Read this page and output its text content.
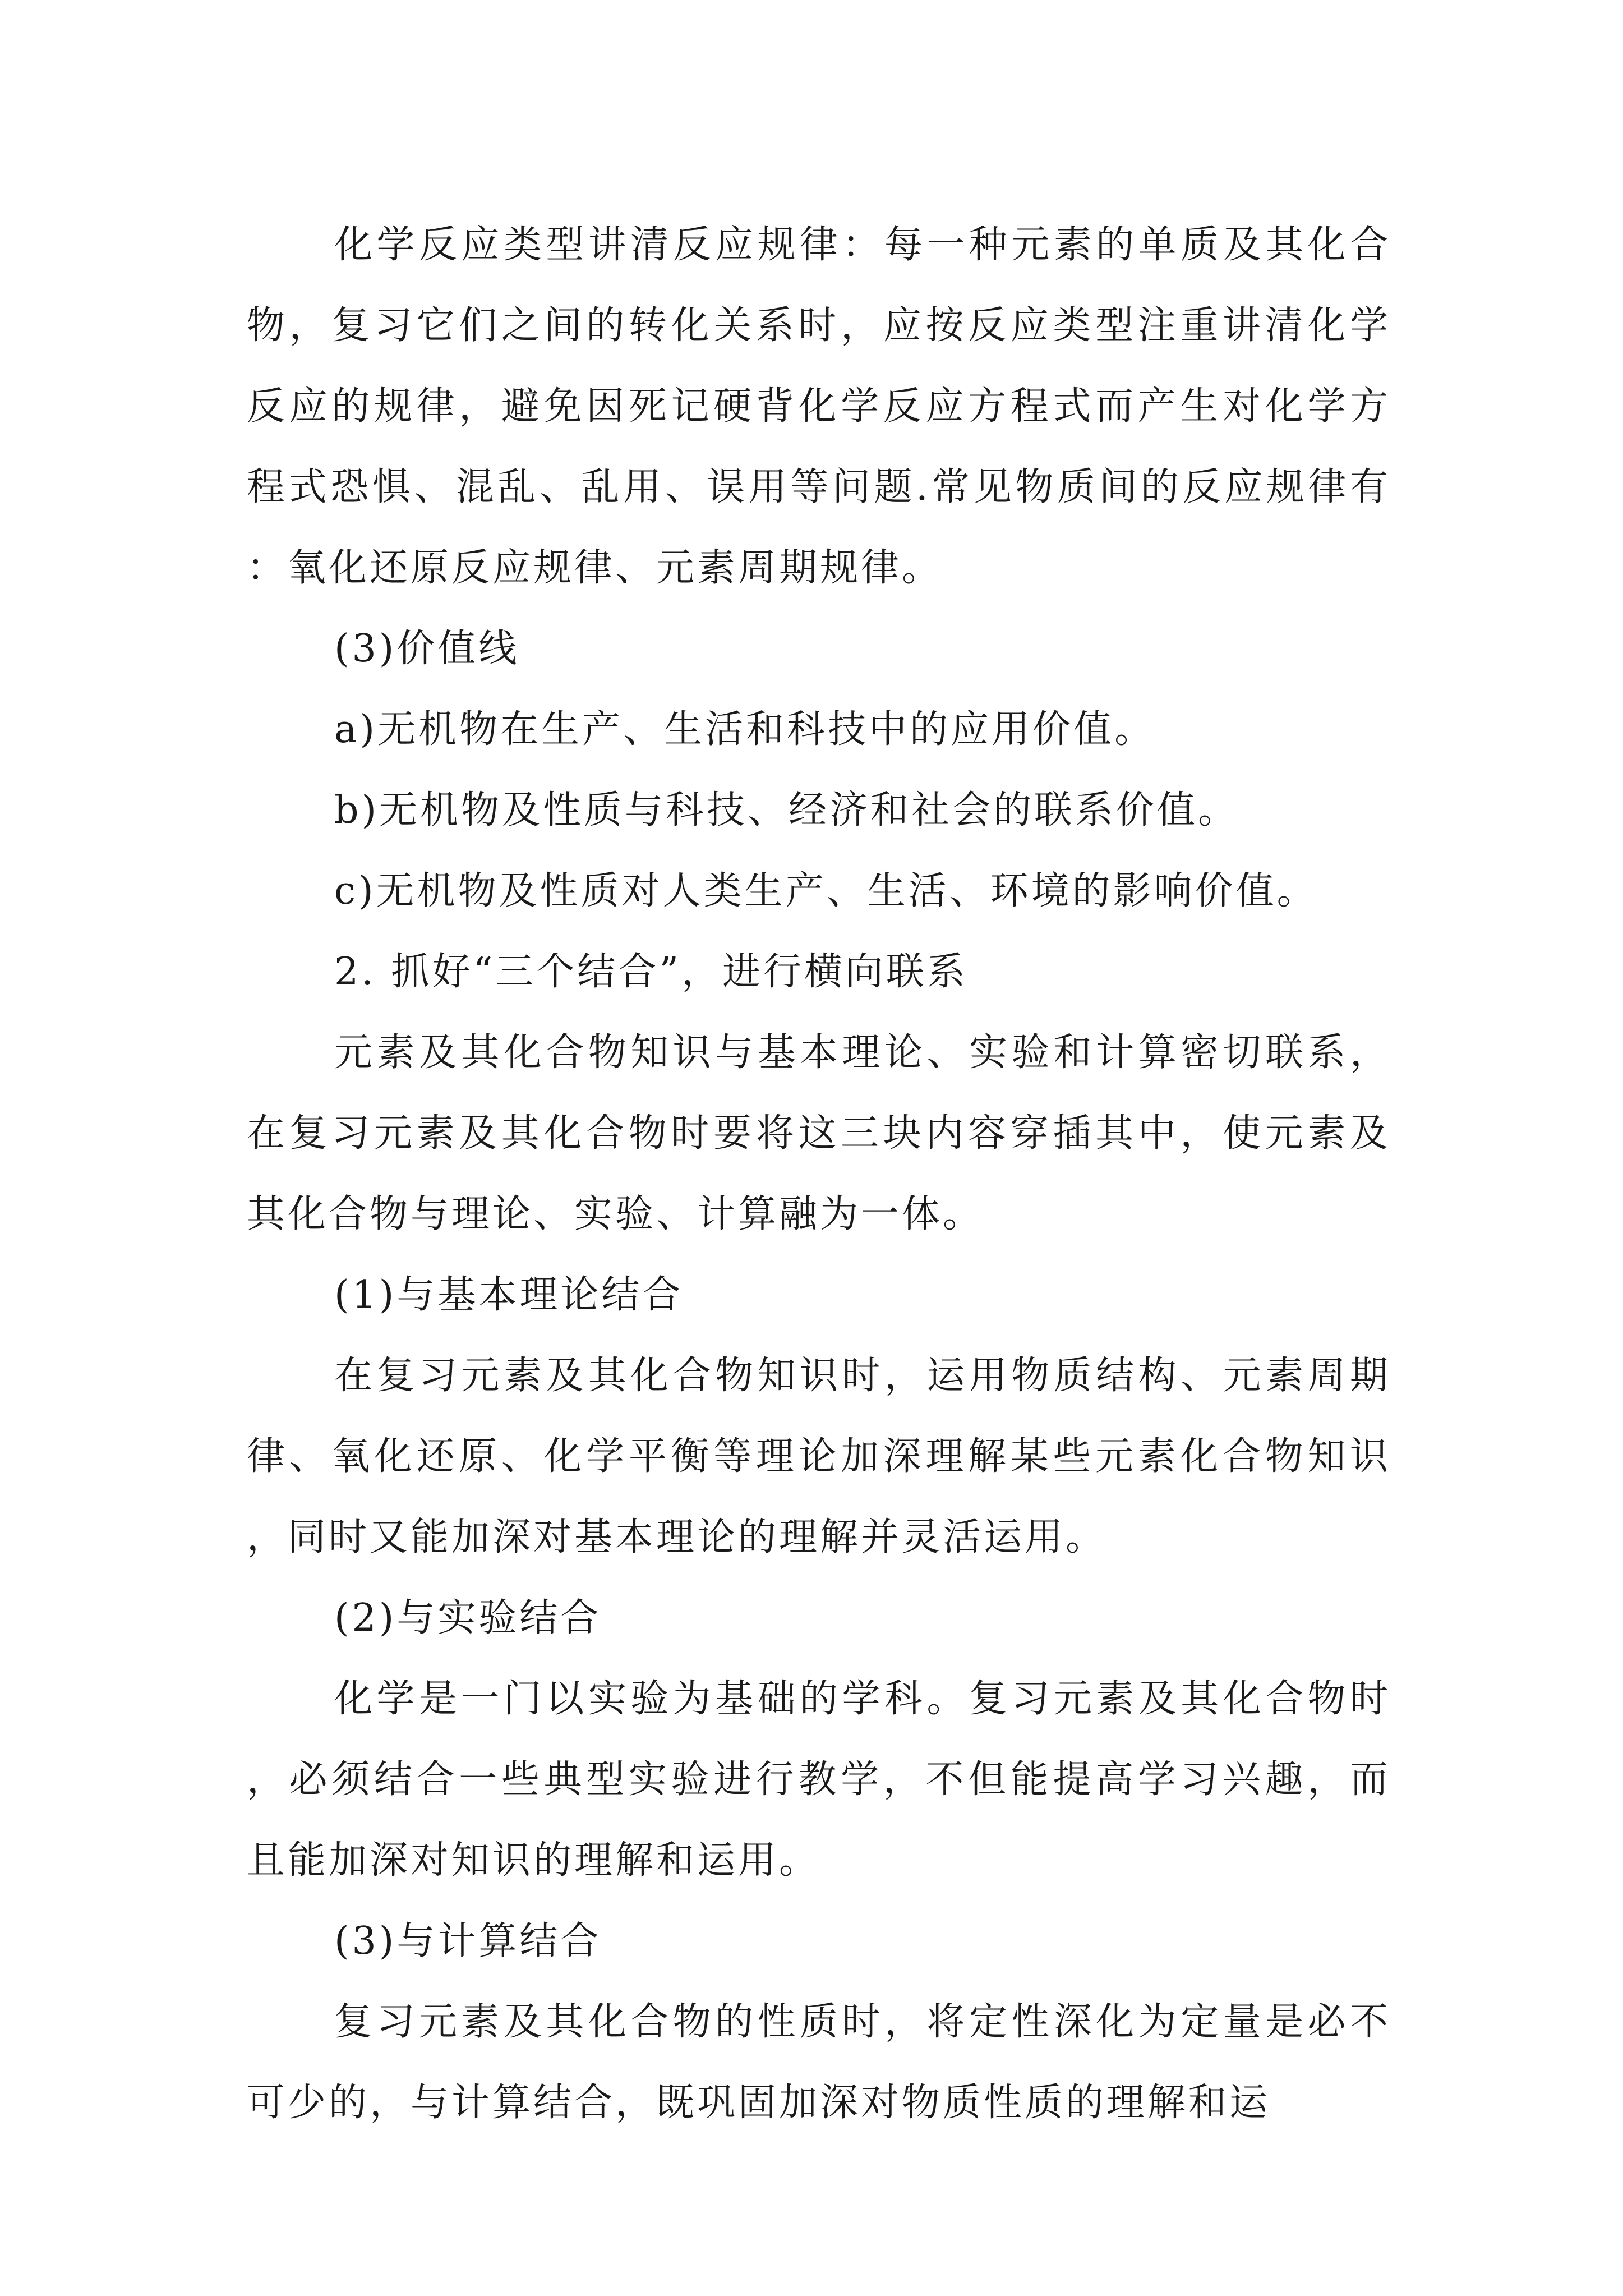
化学反应类型讲清反应规律：每一种元素的单质及其化合物，复习它们之间的转化关系时，应按反应类型注重讲清化学反应的规律，避免因死记硬背化学反应方程式而产生对化学方程式恐惧、混乱、乱用、误用等问题.常见物质间的反应规律有：氧化还原反应规律、元素周期规律。

(3)价值线

a)无机物在生产、生活和科技中的应用价值。

b)无机物及性质与科技、经济和社会的联系价值。

c)无机物及性质对人类生产、生活、环境的影响价值。

2. 抓好“三个结合”，进行横向联系

元素及其化合物知识与基本理论、实验和计算密切联系，在复习元素及其化合物时要将这三块内容穿插其中，使元素及其化合物与理论、实验、计算融为一体。

(1)与基本理论结合

在复习元素及其化合物知识时，运用物质结构、元素周期律、氧化还原、化学平衡等理论加深理解某些元素化合物知识，同时又能加深对基本理论的理解并灵活运用。

(2)与实验结合

化学是一门以实验为基础的学科。复习元素及其化合物时，必须结合一些典型实验进行教学，不但能提高学习兴趣，而且能加深对知识的理解和运用。

(3)与计算结合

复习元素及其化合物的性质时，将定性深化为定量是必不可少的，与计算结合，既巩固加深对物质性质的理解和运
